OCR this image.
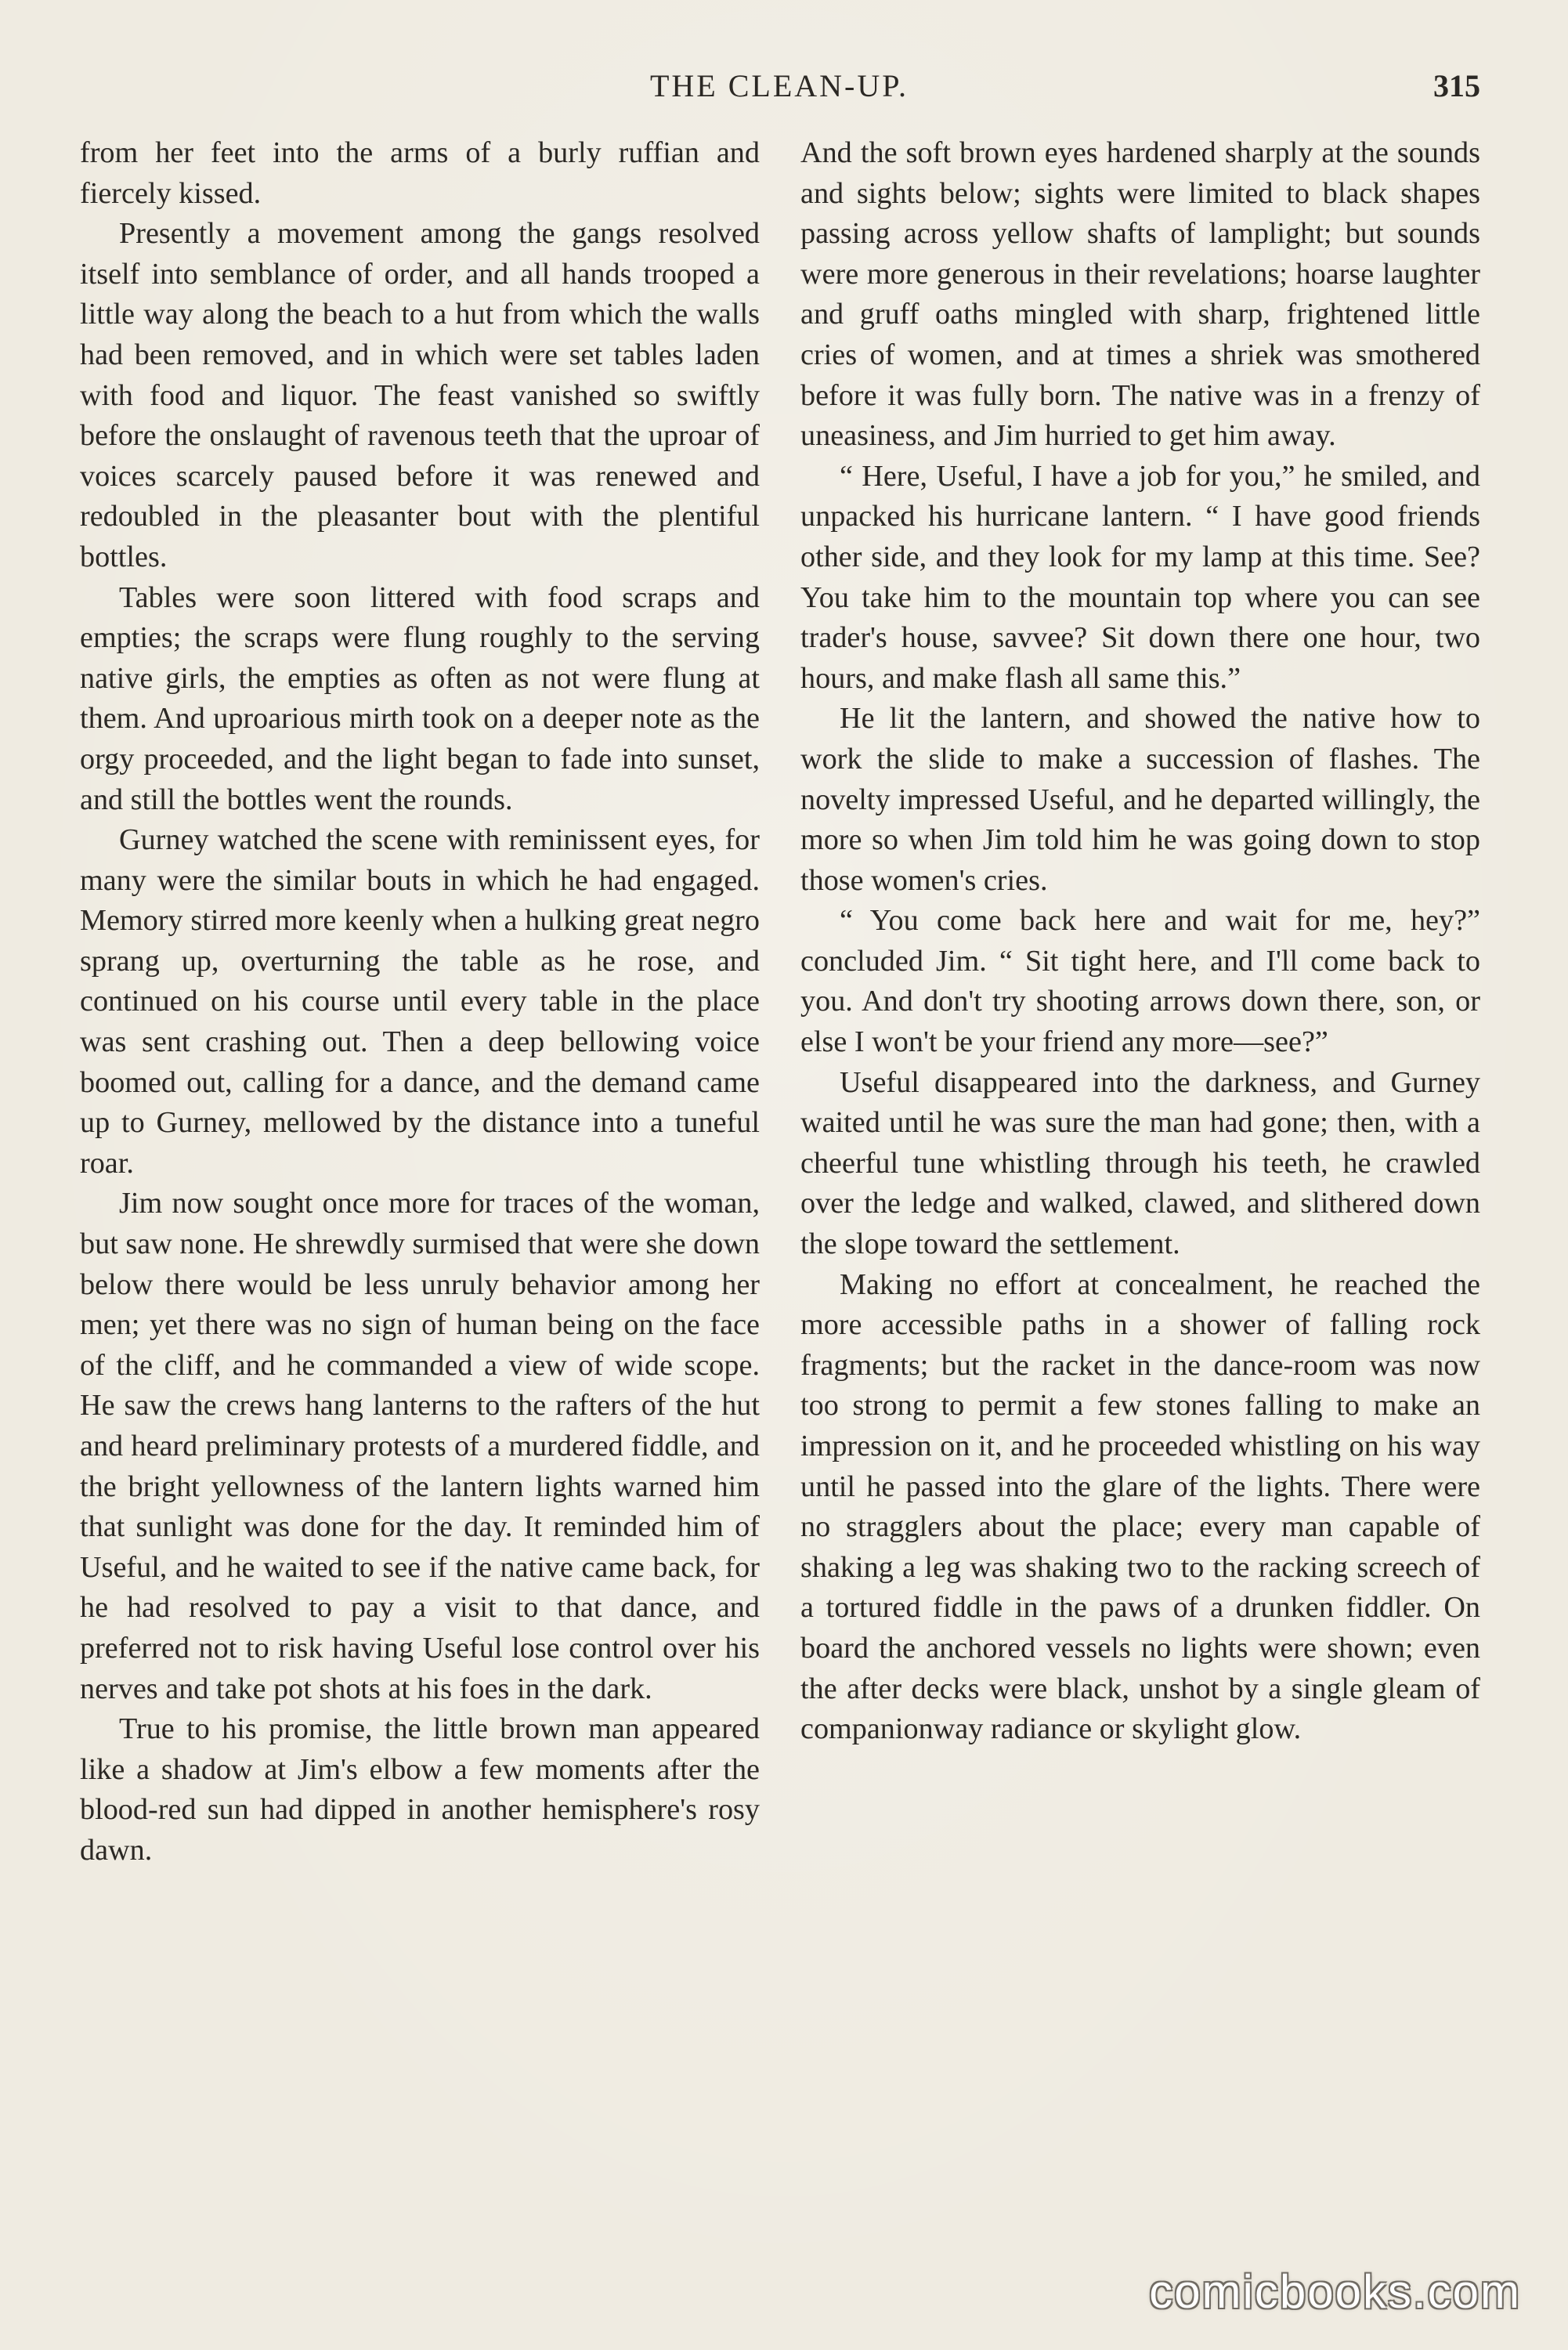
THE CLEAN-UP.	315

from her feet into the arms of a burly ruffian and fiercely kissed.

Presently a movement among the gangs resolved itself into semblance of order, and all hands trooped a little way along the beach to a hut from which the walls had been removed, and in which were set tables laden with food and liquor. The feast vanished so swiftly before the onslaught of ravenous teeth that the uproar of voices scarcely paused before it was renewed and redoubled in the pleasanter bout with the plentiful bottles.

Tables were soon littered with food scraps and empties; the scraps were flung roughly to the serving native girls, the empties as often as not were flung at them. And uproarious mirth took on a deeper note as the orgy proceeded, and the light began to fade into sunset, and still the bottles went the rounds.

Gurney watched the scene with reminissent eyes, for many were the similar bouts in which he had engaged. Memory stirred more keenly when a hulking great negro sprang up, overturning the table as he rose, and continued on his course until every table in the place was sent crashing out. Then a deep bellowing voice boomed out, calling for a dance, and the demand came up to Gurney, mellowed by the distance into a tuneful roar.

Jim now sought once more for traces of the woman, but saw none. He shrewdly surmised that were she down below there would be less unruly behavior among her men; yet there was no sign of human being on the face of the cliff, and he commanded a view of wide scope. He saw the crews hang lanterns to the rafters of the hut and heard preliminary protests of a murdered fiddle, and the bright yellowness of the lantern lights warned him that sunlight was done for the day. It reminded him of Useful, and he waited to see if the native came back, for he had resolved to pay a visit to that dance, and preferred not to risk having Useful lose control over his nerves and take pot shots at his foes in the dark.

True to his promise, the little brown man appeared like a shadow at Jim's elbow a few moments after the blood-red sun had dipped in another hemisphere's rosy dawn.

And the soft brown eyes hardened sharply at the sounds and sights below; sights were limited to black shapes passing across yellow shafts of lamplight; but sounds were more generous in their revelations; hoarse laughter and gruff oaths mingled with sharp, frightened little cries of women, and at times a shriek was smothered before it was fully born. The native was in a frenzy of uneasiness, and Jim hurried to get him away.

“ Here, Useful, I have a job for you,” he smiled, and unpacked his hurricane lantern. “ I have good friends other side, and they look for my lamp at this time. See? You take him to the mountain top where you can see trader's house, savvee? Sit down there one hour, two hours, and make flash all same this.”

He lit the lantern, and showed the native how to work the slide to make a succession of flashes. The novelty impressed Useful, and he departed willingly, the more so when Jim told him he was going down to stop those women's cries.

“ You come back here and wait for me, hey?” concluded Jim. “ Sit tight here, and I'll come back to you. And don't try shooting arrows down there, son, or else I won't be your friend any more—see?”

Useful disappeared into the darkness, and Gurney waited until he was sure the man had gone; then, with a cheerful tune whistling through his teeth, he crawled over the ledge and walked, clawed, and slithered down the slope toward the settlement.

Making no effort at concealment, he reached the more accessible paths in a shower of falling rock fragments; but the racket in the dance-room was now too strong to permit a few stones falling to make an impression on it, and he proceeded whistling on his way until he passed into the glare of the lights. There were no stragglers about the place; every man capable of shaking a leg was shaking two to the racking screech of a tortured fiddle in the paws of a drunken fiddler. On board the anchored vessels no lights were shown; even the after decks were black, unshot by a single gleam of companionway radiance or skylight glow.

comicbooks.com
